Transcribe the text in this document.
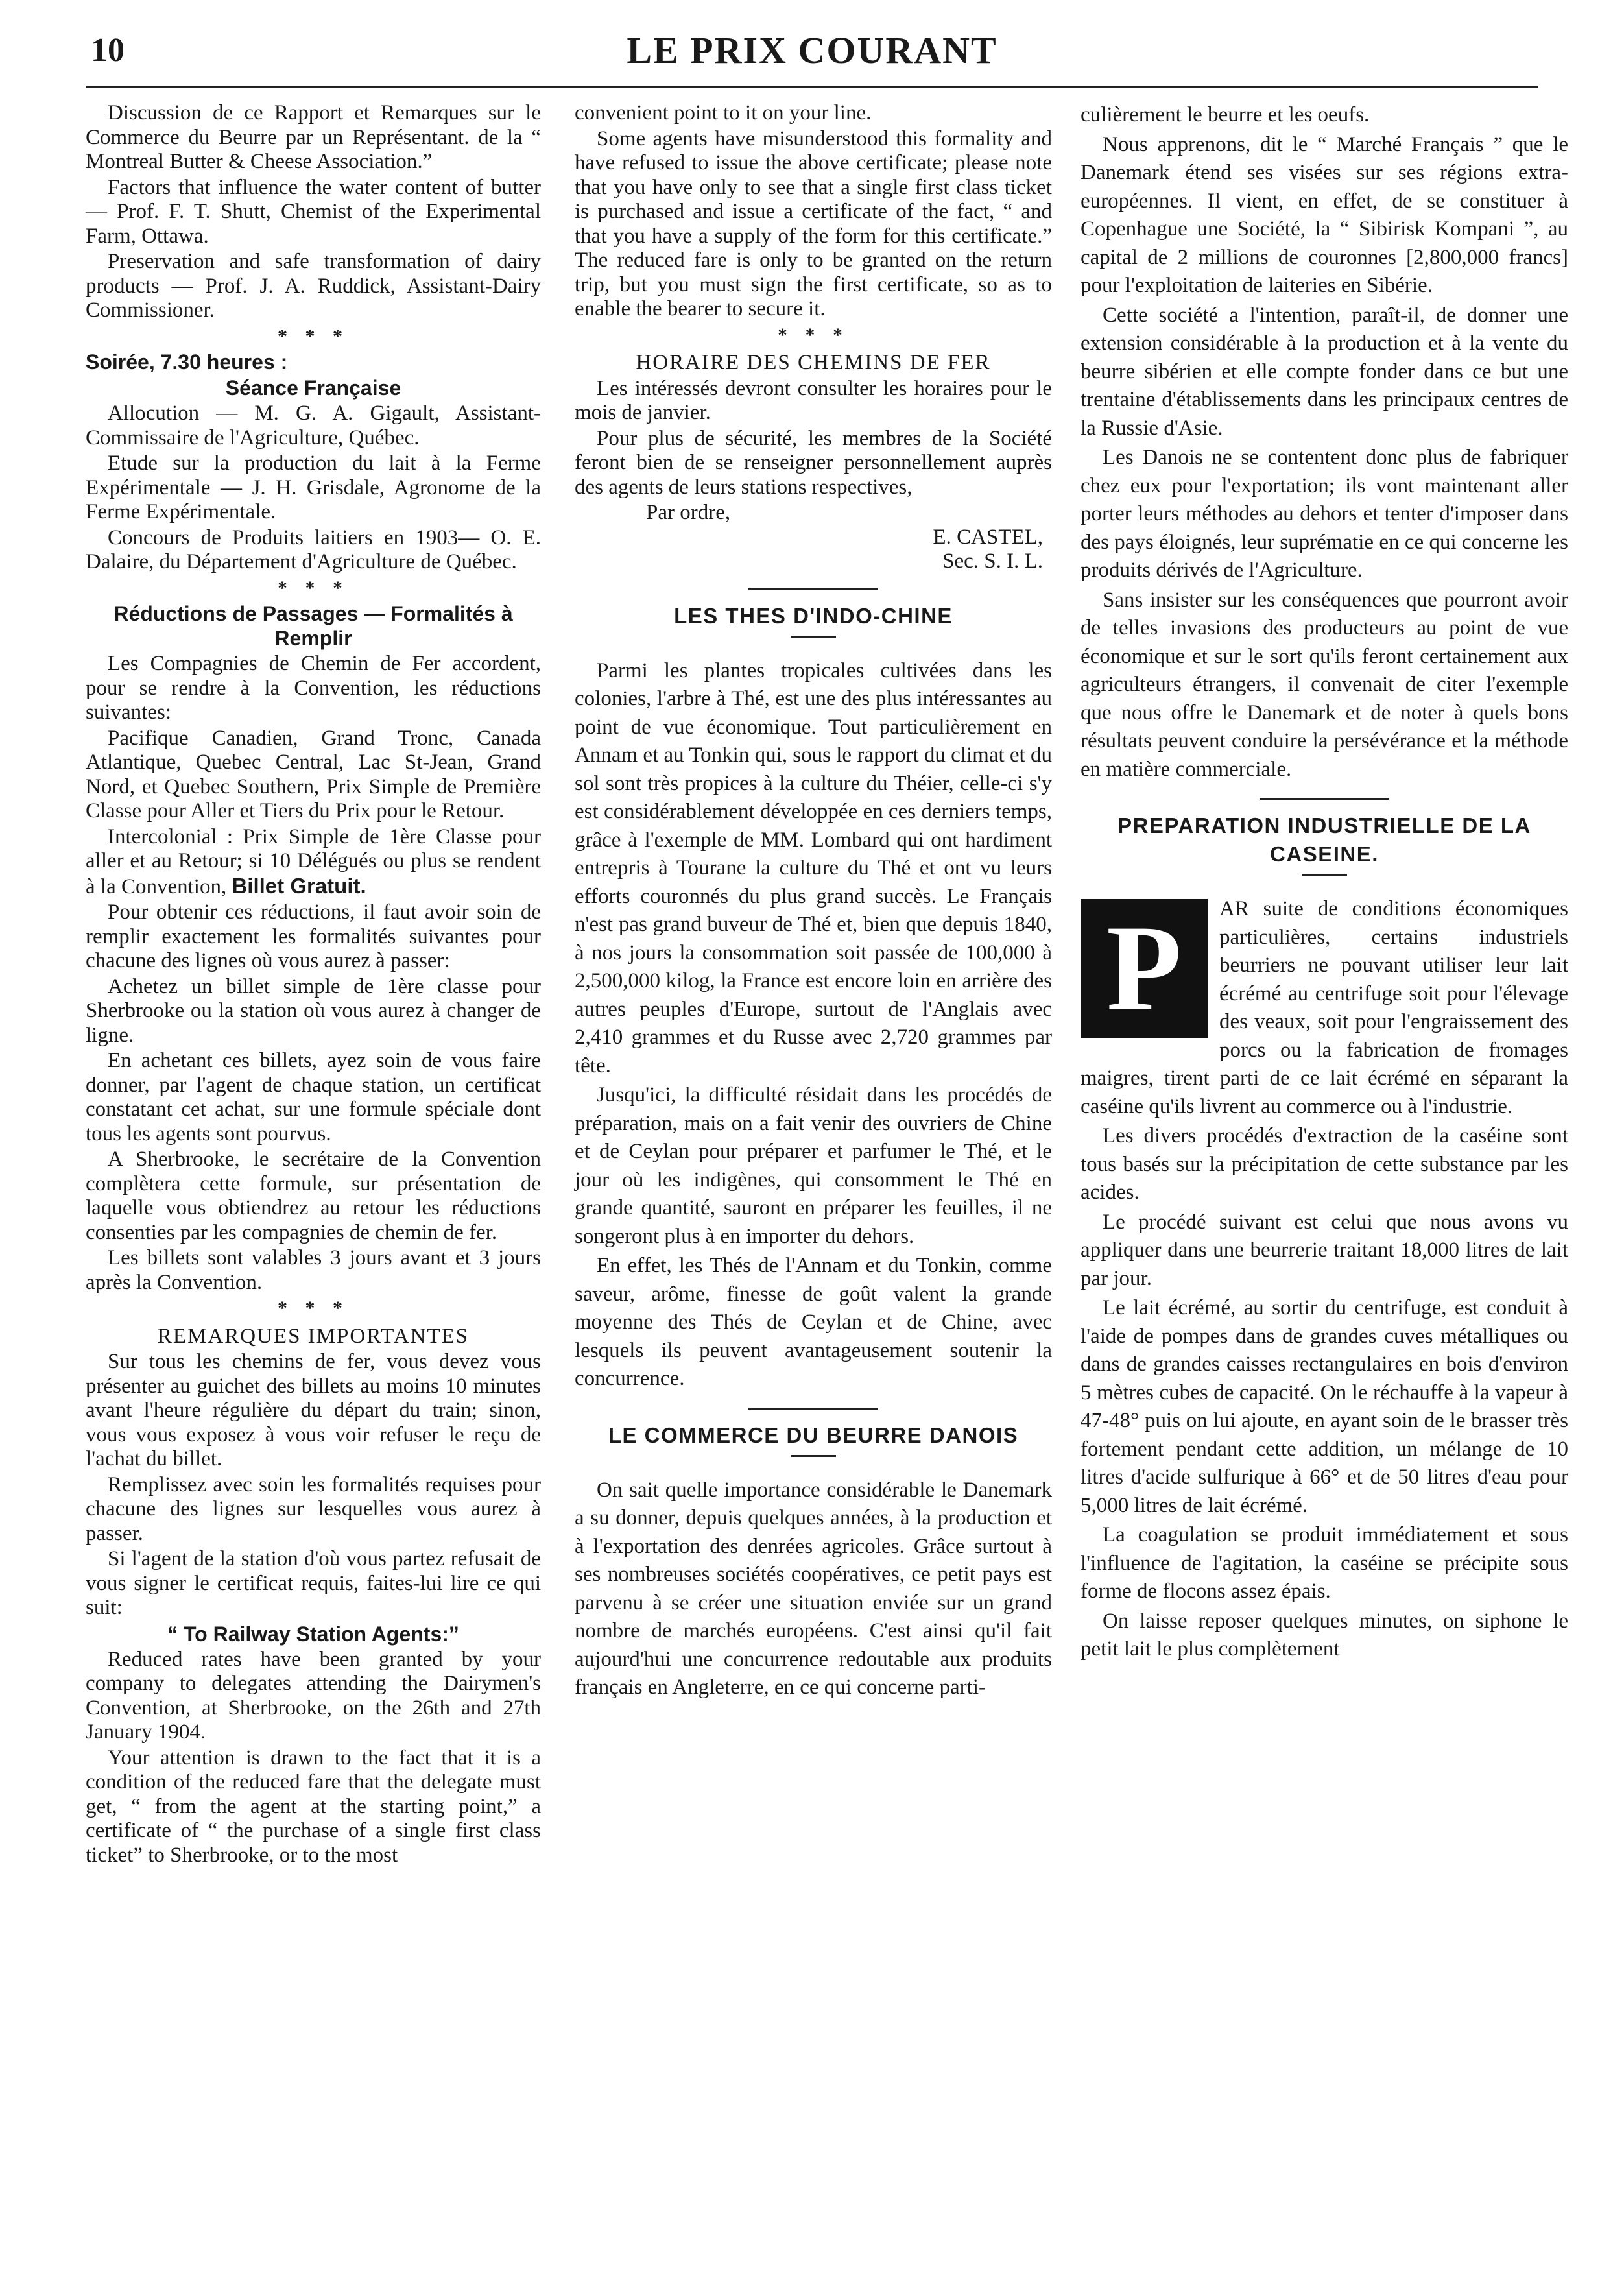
10	LE PRIX COURANT

Discussion de ce Rapport et Remarques sur le Commerce du Beurre par un Représentant. de la “ Montreal Butter & Cheese Association.”

Factors that influence the water content of butter — Prof. F. T. Shutt, Chemist of the Experimental Farm, Ottawa.

Preservation and safe transformation of dairy products — Prof. J. A. Ruddick, Assistant-Dairy Commissioner.

* * *
Soirée, 7.30 heures :
Séance Française

Allocution — M. G. A. Gigault, Assistant-Commissaire de l'Agriculture, Québec.

Etude sur la production du lait à la Ferme Expérimentale — J. H. Grisdale, Agronome de la Ferme Expérimentale.

Concours de Produits laitiers en 1903— O. E. Dalaire, du Département d'Agriculture de Québec.

* * *
Réductions de Passages — Formalités à Remplir

Les Compagnies de Chemin de Fer accordent, pour se rendre à la Convention, les réductions suivantes:

Pacifique Canadien, Grand Tronc, Canada Atlantique, Quebec Central, Lac St-Jean, Grand Nord, et Quebec Southern, Prix Simple de Première Classe pour Aller et Tiers du Prix pour le Retour.

Intercolonial : Prix Simple de 1ère Classe pour aller et au Retour; si 10 Délégués ou plus se rendent à la Convention, Billet Gratuit.

Pour obtenir ces réductions, il faut avoir soin de remplir exactement les formalités suivantes pour chacune des lignes où vous aurez à passer:

Achetez un billet simple de 1ère classe pour Sherbrooke ou la station où vous aurez à changer de ligne.

En achetant ces billets, ayez soin de vous faire donner, par l'agent de chaque station, un certificat constatant cet achat, sur une formule spéciale dont tous les agents sont pourvus.

A Sherbrooke, le secrétaire de la Convention complètera cette formule, sur présentation de laquelle vous obtiendrez au retour les réductions consenties par les compagnies de chemin de fer.

Les billets sont valables 3 jours avant et 3 jours après la Convention.

* * *
REMARQUES IMPORTANTES

Sur tous les chemins de fer, vous devez vous présenter au guichet des billets au moins 10 minutes avant l'heure régulière du départ du train; sinon, vous vous exposez à vous voir refuser le reçu de l'achat du billet.

Remplissez avec soin les formalités requises pour chacune des lignes sur lesquelles vous aurez à passer.

Si l'agent de la station d'où vous partez refusait de vous signer le certificat requis, faites-lui lire ce qui suit:

“ To Railway Station Agents:”

Reduced rates have been granted by your company to delegates attending the Dairymen's Convention, at Sherbrooke, on the 26th and 27th January 1904.

Your attention is drawn to the fact that it is a condition of the reduced fare that the delegate must get, “ from the agent at the starting point,” a certificate of “ the purchase of a single first class ticket” to Sherbrooke, or to the most

convenient point to it on your line.

Some agents have misunderstood this formality and have refused to issue the above certificate; please note that you have only to see that a single first class ticket is purchased and issue a certificate of the fact, “ and that you have a supply of the form for this certificate.” The reduced fare is only to be granted on the return trip, but you must sign the first certificate, so as to enable the bearer to secure it.

* * *
HORAIRE DES CHEMINS DE FER

Les intéressés devront consulter les horaires pour le mois de janvier.

Pour plus de sécurité, les membres de la Société feront bien de se renseigner personnellement auprès des agents de leurs stations respectives,

Par ordre,

E. CASTEL,

Sec. S. I. L.

LES THES D'INDO-CHINE

Parmi les plantes tropicales cultivées dans les colonies, l'arbre à Thé, est une des plus intéressantes au point de vue économique. Tout particulièrement en Annam et au Tonkin qui, sous le rapport du climat et du sol sont très propices à la culture du Théier, celle-ci s'y est considérablement développée en ces derniers temps, grâce à l'exemple de MM. Lombard qui ont hardiment entrepris à Tourane la culture du Thé et ont vu leurs efforts couronnés du plus grand succès. Le Français n'est pas grand buveur de Thé et, bien que depuis 1840, à nos jours la consommation soit passée de 100,000 à 2,500,000 kilog, la France est encore loin en arrière des autres peuples d'Europe, surtout de l'Anglais avec 2,410 grammes et du Russe avec 2,720 grammes par tête.

Jusqu'ici, la difficulté résidait dans les procédés de préparation, mais on a fait venir des ouvriers de Chine et de Ceylan pour préparer et parfumer le Thé, et le jour où les indigènes, qui consomment le Thé en grande quantité, sauront en préparer les feuilles, il ne songeront plus à en importer du dehors.

En effet, les Thés de l'Annam et du Tonkin, comme saveur, arôme, finesse de goût valent la grande moyenne des Thés de Ceylan et de Chine, avec lesquels ils peuvent avantageusement soutenir la concurrence.

LE COMMERCE DU BEURRE DANOIS

On sait quelle importance considérable le Danemark a su donner, depuis quelques années, à la production et à l'exportation des denrées agricoles. Grâce surtout à ses nombreuses sociétés coopératives, ce petit pays est parvenu à se créer une situation enviée sur un grand nombre de marchés européens. C'est ainsi qu'il fait aujourd'hui une concurrence redoutable aux produits français en Angleterre, en ce qui concerne parti-

culièrement le beurre et les oeufs.

Nous apprenons, dit le “ Marché Français ” que le Danemark étend ses visées sur ses régions extra-européennes. Il vient, en effet, de se constituer à Copenhague une Société, la “ Sibirisk Kompani ”, au capital de 2 millions de couronnes [2,800,000 francs] pour l'exploitation de laiteries en Sibérie.

Cette société a l'intention, paraît-il, de donner une extension considérable à la production et à la vente du beurre sibérien et elle compte fonder dans ce but une trentaine d'établissements dans les principaux centres de la Russie d'Asie.

Les Danois ne se contentent donc plus de fabriquer chez eux pour l'exportation; ils vont maintenant aller porter leurs méthodes au dehors et tenter d'imposer dans des pays éloignés, leur suprématie en ce qui concerne les produits dérivés de l'Agriculture.

Sans insister sur les conséquences que pourront avoir de telles invasions des producteurs au point de vue économique et sur le sort qu'ils feront certainement aux agriculteurs étrangers, il convenait de citer l'exemple que nous offre le Danemark et de noter à quels bons résultats peuvent conduire la persévérance et la méthode en matière commerciale.

PREPARATION INDUSTRIELLE DE LA CASEINE.
P	AR suite de conditions économiques particulières, certains industriels beurriers ne pouvant utiliser leur lait écrémé au centrifuge soit pour l'élevage des veaux, soit pour l'engraissement des porcs ou la fabrication de fromages maigres, tirent parti de ce lait écrémé en séparant la caséine qu'ils livrent au commerce ou à l'industrie.

Les divers procédés d'extraction de la caséine sont tous basés sur la précipitation de cette substance par les acides.

Le procédé suivant est celui que nous avons vu appliquer dans une beurrerie traitant 18,000 litres de lait par jour.

Le lait écrémé, au sortir du centrifuge, est conduit à l'aide de pompes dans de grandes cuves métalliques ou dans de grandes caisses rectangulaires en bois d'environ 5 mètres cubes de capacité. On le réchauffe à la vapeur à 47-48° puis on lui ajoute, en ayant soin de le brasser très fortement pendant cette addition, un mélange de 10 litres d'acide sulfurique à 66° et de 50 litres d'eau pour 5,000 litres de lait écrémé.

La coagulation se produit immédiatement et sous l'influence de l'agitation, la caséine se précipite sous forme de flocons assez épais.

On laisse reposer quelques minutes, on siphone le petit lait le plus complètement
